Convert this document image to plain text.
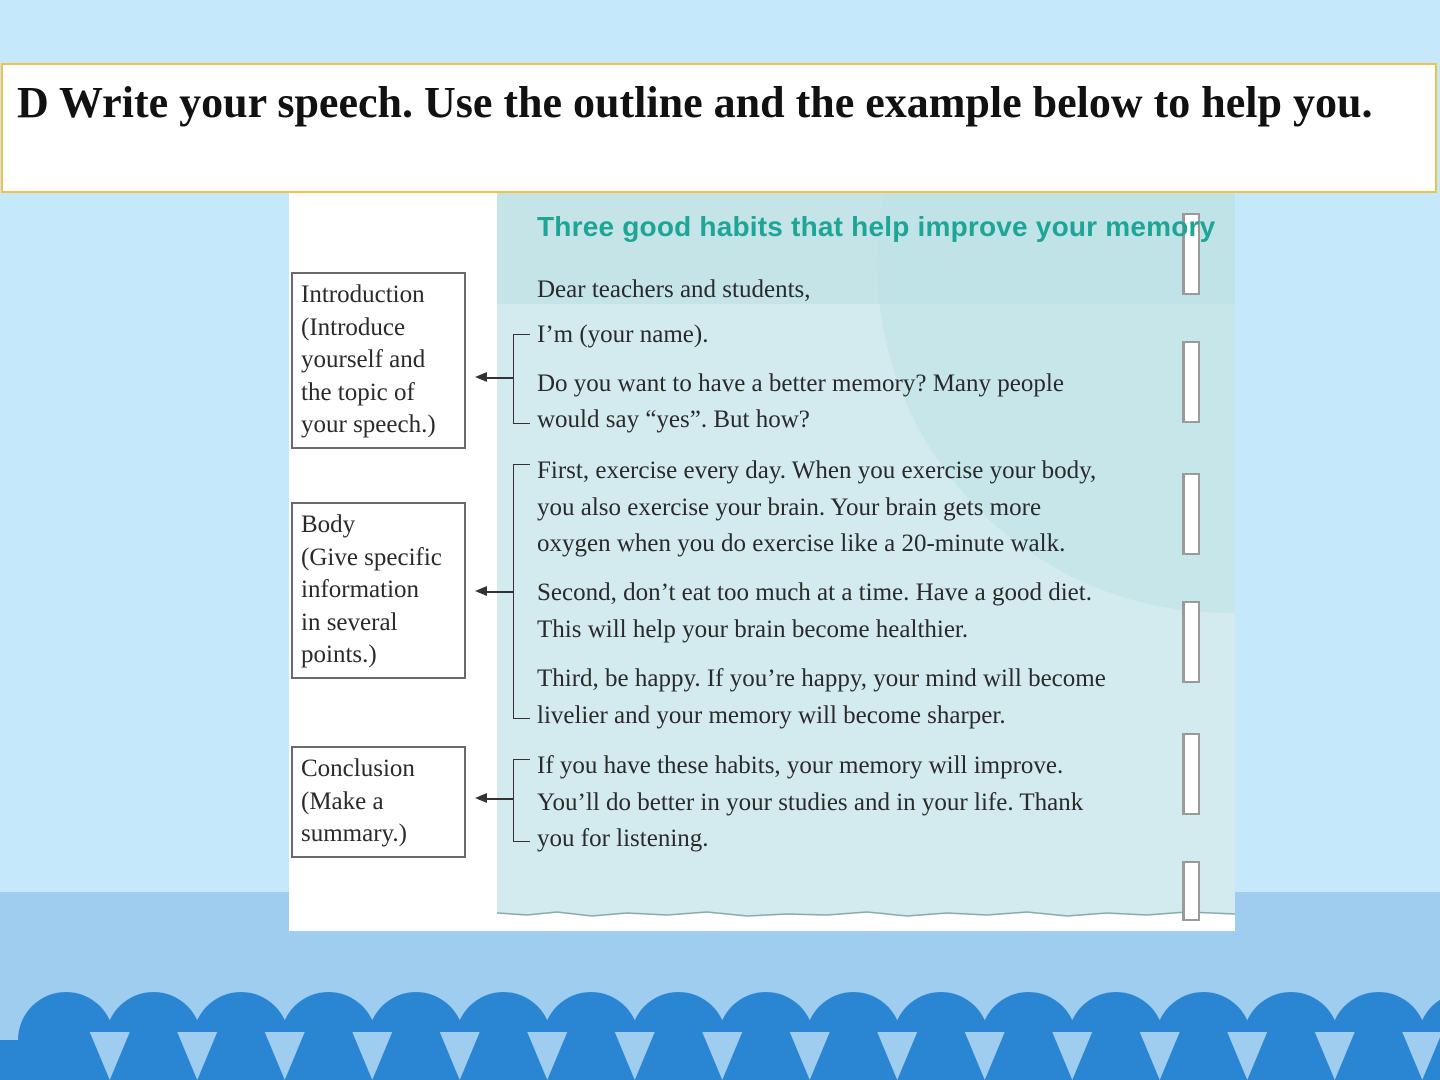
D Write your speech. Use the outline and the example below to help you.
Three good habits that help improve your memory

Dear teachers and students,

I’m (your name).

Do you want to have a better memory? Many people

would say “yes”. But how?

First, exercise every day. When you exercise your body,

you also exercise your brain. Your brain gets more

oxygen when you do exercise like a 20-minute walk.

Second, don’t eat too much at a time. Have a good diet.

This will help your brain become healthier.

Third, be happy. If you’re happy, your mind will become

livelier and your memory will become sharper.

If you have these habits, your memory will improve.

You’ll do better in your studies and in your life. Thank

you for listening.

Introduction
(Introduce
yourself and
the topic of
your speech.)
Body
(Give specific
information
in several
points.)
Conclusion
(Make a
summary.)
